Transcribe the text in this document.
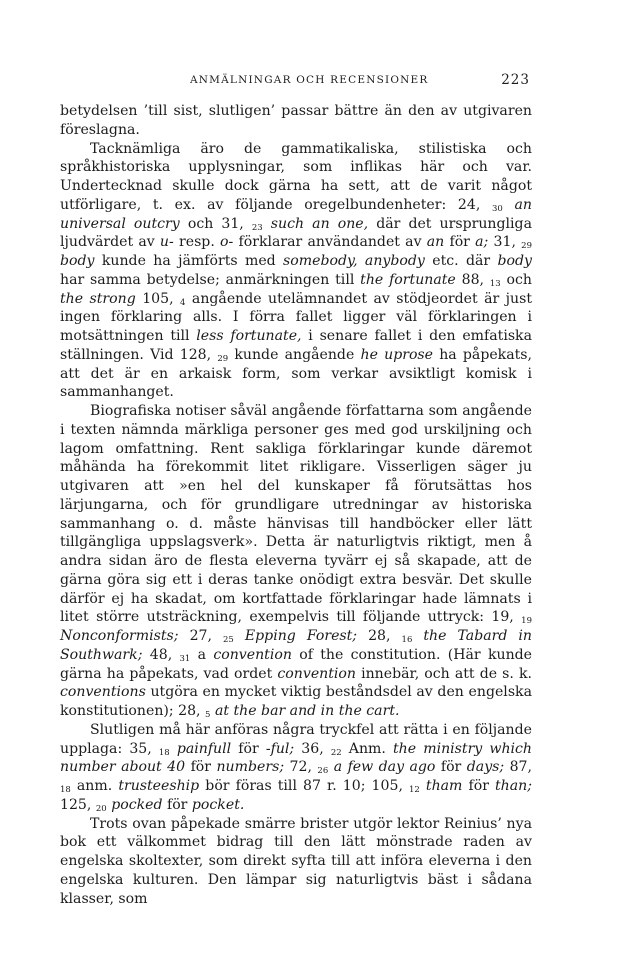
ANMÄLNINGAR OCH RECENSIONER	223

betydelsen ’till sist, slutligen’ passar bättre än den av utgivaren föreslagna.

Tacknämliga äro de gammatikaliska, stilistiska och språkhistoriska upplysningar, som inflikas här och var. Undertecknad skulle dock gärna ha sett, att de varit något utförligare, t. ex. av följande oregelbundenheter: 24, $_{30}$ an universal outcry och 31, $_{23}$ such an one, där det ursprungliga ljudvärdet av u- resp. o- förklarar användandet av an för a; 31, $_{29}$ body kunde ha jämförts med somebody, anybody etc. där body har samma betydelse; anmärkningen till the fortunate 88, $_{13}$ och the strong 105, $_4$ angående utelämnandet av stödjeordet är just ingen förklaring alls. I förra fallet ligger väl förklaringen i motsättningen till less fortunate, i senare fallet i den emfatiska ställningen. Vid 128, $_{29}$ kunde angående he uprose ha påpekats, att det är en arkaisk form, som verkar avsiktligt komisk i sammanhanget.

Biografiska notiser såväl angående författarna som angående i texten nämnda märkliga personer ges med god urskiljning och lagom omfattning. Rent sakliga förklaringar kunde däremot måhända ha förekommit litet rikligare. Visserligen säger ju utgivaren att »en hel del kunskaper få förutsättas hos lärjungarna, och för grundligare utredningar av historiska sammanhang o. d. måste hänvisas till handböcker eller lätt tillgängliga uppslagsverk». Detta är naturligtvis riktigt, men å andra sidan äro de flesta eleverna tyvärr ej så skapade, att de gärna göra sig ett i deras tanke onödigt extra besvär. Det skulle därför ej ha skadat, om kortfattade förklaringar hade lämnats i litet större utsträckning, exempelvis till följande uttryck: 19, $_{19}$ Nonconformists; 27, $_{25}$ Epping Forest; 28, $_{16}$ the Tabard in Southwark; 48, $_{31}$ a convention of the constitution. (Här kunde gärna ha påpekats, vad ordet convention innebär, och att de s. k. conventions utgöra en mycket viktig beståndsdel av den engelska konstitutionen); 28, $_5$ at the bar and in the cart.

Slutligen må här anföras några tryckfel att rätta i en följande upplaga: 35, $_{18}$ painfull för -ful; 36, $_{22}$ Anm. the ministry which number about 40 för numbers; 72, $_{26}$ a few day ago för days; 87, $_{18}$ anm. trusteeship bör föras till 87 r. 10; 105, $_{12}$ tham för than; 125, $_{20}$ pocked för pocket.

Trots ovan påpekade smärre brister utgör lektor Reinius’ nya bok ett välkommet bidrag till den lätt mönstrade raden av engelska skoltexter, som direkt syfta till att införa eleverna i den engelska kulturen. Den lämpar sig naturligtvis bäst i sådana klasser, som
